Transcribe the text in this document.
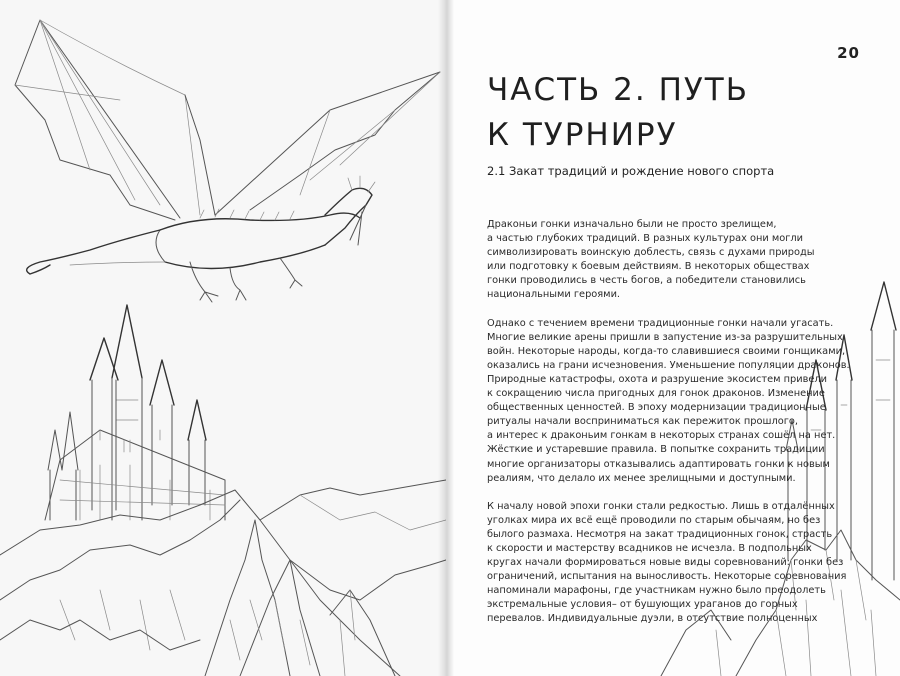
20
ЧАСТЬ 2. ПУТЬ
К ТУРНИРУ
2.1 Закат традиций и рождение нового спорта

Драконьи гонки изначально были не просто зрелищем,
а частью глубоких традиций. В разных культурах они могли
символизировать воинскую доблесть, связь с духами природы
или подготовку к боевым действиям. В некоторых обществах
гонки проводились в честь богов, а победители становились
национальными героями.

Однако с течением времени традиционные гонки начали угасать.
Многие великие арены пришли в запустение из-за разрушительных
войн. Некоторые народы, когда-то славившиеся своими гонщиками,
оказались на грани исчезновения. Уменьшение популяции драконов.
Природные катастрофы, охота и разрушение экосистем привели
к сокращению числа пригодных для гонок драконов. Изменение
общественных ценностей. В эпоху модернизации традиционные
ритуалы начали восприниматься как пережиток прошлого,
а интерес к драконьим гонкам в некоторых странах сошёл на нет.
Жёсткие и устаревшие правила. В попытке сохранить традиции
многие организаторы отказывались адаптировать гонки к новым
реалиям, что делало их менее зрелищными и доступными.

К началу новой эпохи гонки стали редкостью. Лишь в отдалённых
уголках мира их всё ещё проводили по старым обычаям, но без
былого размаха. Несмотря на закат традиционных гонок, страсть
к скорости и мастерству всадников не исчезла. В подпольных
кругах начали формироваться новые виды соревнований: гонки без
ограничений, испытания на выносливость. Некоторые соревнования
напоминали марафоны, где участникам нужно было преодолеть
экстремальные условия– от бушующих ураганов до горных
перевалов. Индивидуальные дуэли, в отсутствие полноценных
